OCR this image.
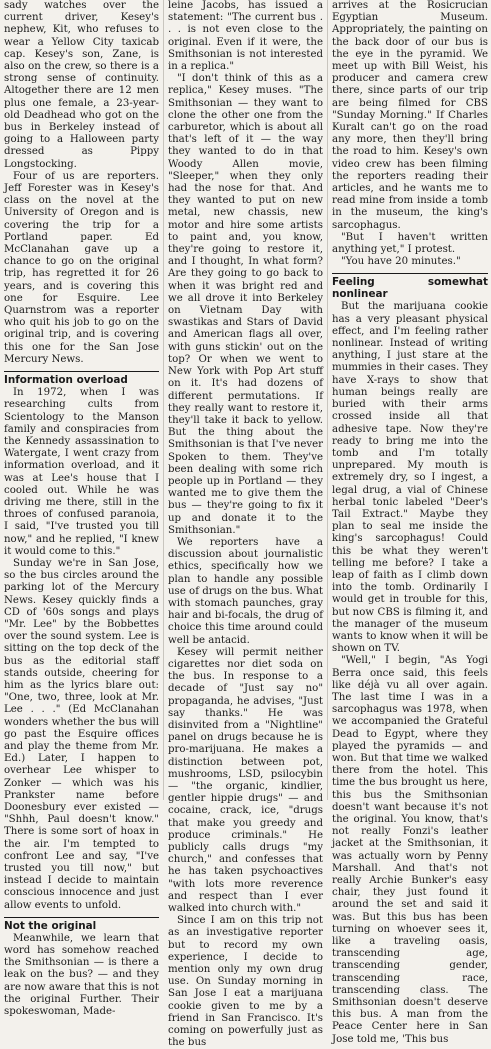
sady watches over the current driver, Kesey's nephew, Kit, who refuses to wear a Yellow City taxicab cap. Kesey's son, Zane, is also on the crew, so there is a strong sense of continuity. Altogether there are 12 men plus one female, a 23-year-old Deadhead who got on the bus in Berkeley instead of going to a Halloween party dressed as Pippy Longstocking.

Four of us are reporters. Jeff Forester was in Kesey's class on the novel at the University of Oregon and is covering the trip for a Portland paper. Ed McClanahan gave up a chance to go on the original trip, has regretted it for 26 years, and is covering this one for Esquire. Lee Quarnstrom was a reporter who quit his job to go on the original trip, and is covering this one for the San Jose Mercury News.

Information overload

In 1972, when I was researching cults from Scientology to the Manson family and conspiracies from the Kennedy assassination to Watergate, I went crazy from information overload, and it was at Lee's house that I cooled out. While he was driving me there, still in the throes of confused paranoia, I said, "I've trusted you till now," and he replied, "I knew it would come to this."

Sunday we're in San Jose, so the bus circles around the parking lot of the Mercury News. Kesey quickly finds a CD of '60s songs and plays "Mr. Lee" by the Bobbettes over the sound system. Lee is sitting on the top deck of the bus as the editorial staff stands outside, cheering for him as the lyrics blare out: "One, two, three, look at Mr. Lee . . ." (Ed McClanahan wonders whether the bus will go past the Esquire offices and play the theme from Mr. Ed.) Later, I happen to overhear Lee whisper to Zonker — which was his Prankster name before Doonesbury ever existed — "Shhh, Paul doesn't know." There is some sort of hoax in the air. I'm tempted to confront Lee and say, "I've trusted you till now," but instead I decide to maintain conscious innocence and just allow events to unfold.

Not the original

Meanwhile, we learn that word has somehow reached the Smithsonian — is there a leak on the bus? — and they are now aware that this is not the original Further. Their spokeswoman, Made-

leine Jacobs, has issued a statement: "The current bus . . . is not even close to the original. Even if it were, the Smithsonian is not interested in a replica."

"I don't think of this as a replica," Kesey muses. "The Smithsonian — they want to clone the other one from the carburetor, which is about all that's left of it — the way they wanted to do in that Woody Allen movie, "Sleeper," when they only had the nose for that. And they wanted to put on new metal, new chassis, new motor and hire some artists to paint and, you know, they're going to restore it, and I thought, In what form? Are they going to go back to when it was bright red and we all drove it into Berkeley on Vietnam Day with swastikas and Stars of David and American flags all over, with guns stickin' out on the top? Or when we went to New York with Pop Art stuff on it. It's had dozens of different permutations. If they really want to restore it, they'll take it back to yellow. But the thing about the Smithsonian is that I've never Spoken to them. They've been dealing with some rich people up in Portland — they wanted me to give them the bus — they're going to fix it up and donate it to the Smithsonian."

We reporters have a discussion about journalistic ethics, specifically how we plan to handle any possible use of drugs on the bus. What with stomach paunches, gray hair and bi-focals, the drug of choice this time around could well be antacid.

Kesey will permit neither cigarettes nor diet soda on the bus. In response to a decade of "Just say no" propaganda, he advises, "Just say thanks." He was disinvited from a "Nightline" panel on drugs because he is pro-marijuana. He makes a distinction between pot, mushrooms, LSD, psilocybin — "the organic, kindlier, gentler hippie drugs" — and cocaine, crack, ice, "drugs that make you greedy and produce criminals." He publicly calls drugs "my church," and confesses that he has taken psychoactives "with lots more reverence and respect than I ever walked into church with."

Since I am on this trip not as an investigative reporter but to record my own experience, I decide to mention only my own drug use. On Sunday morning in San Jose I eat a marijuana cookie given to me by a friend in San Francisco. It's coming on powerfully just as the bus

arrives at the Rosicrucian Egyptian Museum. Appropriately, the painting on the back door of our bus is the eye in the pyramid. We meet up with Bill Weist, his producer and camera crew there, since parts of our trip are being filmed for CBS "Sunday Morning." If Charles Kuralt can't go on the road any more, then they'll bring the road to him. Kesey's own video crew has been filming the reporters reading their articles, and he wants me to read mine from inside a tomb in the museum, the king's sarcophagus.

"But I haven't written anything yet," I protest.

"You have 20 minutes."

Feeling somewhat nonlinear

But the marijuana cookie has a very pleasant physical effect, and I'm feeling rather nonlinear. Instead of writing anything, I just stare at the mummies in their cases. They have X-rays to show that human beings really are buried with their arms crossed inside all that adhesive tape. Now they're ready to bring me into the tomb and I'm totally unprepared. My mouth is extremely dry, so I ingest, a legal drug, a vial of Chinese herbal tonic labeled "Deer's Tail Extract." Maybe they plan to seal me inside the king's sarcophagus! Could this be what they weren't telling me before? I take a leap of faith as I climb down into the tomb. Ordinarily I would get in trouble for this, but now CBS is filming it, and the manager of the museum wants to know when it will be shown on TV.

"Well," I begin, "As Yogi Berra once said, this feels like déjà vu all over again. The last time I was in a sarcophagus was 1978, when we accompanied the Grateful Dead to Egypt, where they played the pyramids — and won. But that time we walked there from the hotel. This time the bus brought us here, this bus the Smithsonian doesn't want because it's not the original. You know, that's not really Fonzi's leather jacket at the Smithsonian, it was actually worn by Penny Marshall. And that's not really Archie Bunker's easy chair, they just found it around the set and said it was. But this bus has been turning on whoever sees it, like a traveling oasis, transcending age, transcending gender, transcending race, transcending class. The Smithsonian doesn't deserve this bus. A man from the Peace Center here in San Jose told me, 'This bus
